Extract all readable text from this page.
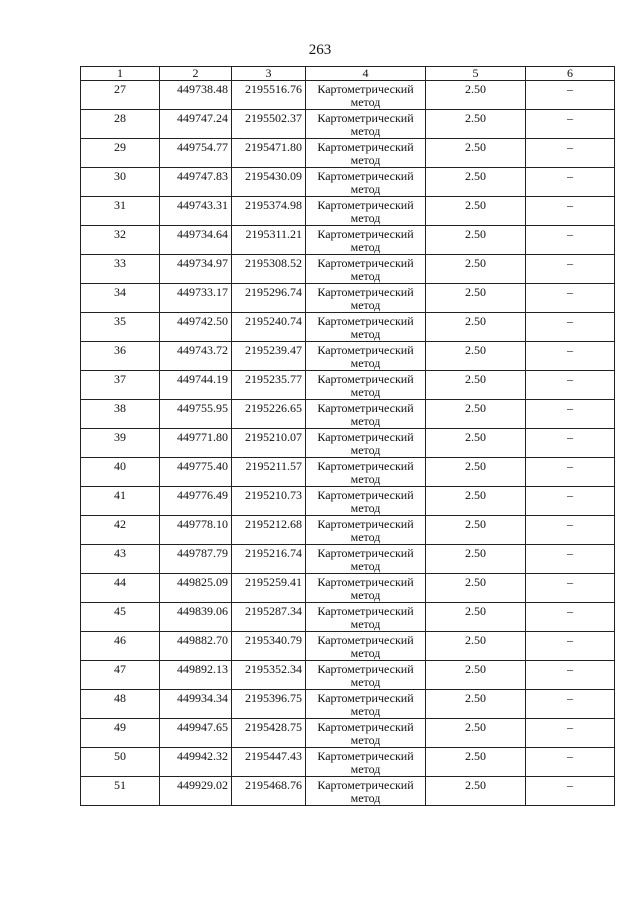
263
1	2	3	4	5	6
27	449738.48	2195516.76	Картометрический метод	2.50	–
28	449747.24	2195502.37	Картометрический метод	2.50	–
29	449754.77	2195471.80	Картометрический метод	2.50	–
30	449747.83	2195430.09	Картометрический метод	2.50	–
31	449743.31	2195374.98	Картометрический метод	2.50	–
32	449734.64	2195311.21	Картометрический метод	2.50	–
33	449734.97	2195308.52	Картометрический метод	2.50	–
34	449733.17	2195296.74	Картометрический метод	2.50	–
35	449742.50	2195240.74	Картометрический метод	2.50	–
36	449743.72	2195239.47	Картометрический метод	2.50	–
37	449744.19	2195235.77	Картометрический метод	2.50	–
38	449755.95	2195226.65	Картометрический метод	2.50	–
39	449771.80	2195210.07	Картометрический метод	2.50	–
40	449775.40	2195211.57	Картометрический метод	2.50	–
41	449776.49	2195210.73	Картометрический метод	2.50	–
42	449778.10	2195212.68	Картометрический метод	2.50	–
43	449787.79	2195216.74	Картометрический метод	2.50	–
44	449825.09	2195259.41	Картометрический метод	2.50	–
45	449839.06	2195287.34	Картометрический метод	2.50	–
46	449882.70	2195340.79	Картометрический метод	2.50	–
47	449892.13	2195352.34	Картометрический метод	2.50	–
48	449934.34	2195396.75	Картометрический метод	2.50	–
49	449947.65	2195428.75	Картометрический метод	2.50	–
50	449942.32	2195447.43	Картометрический метод	2.50	–
51	449929.02	2195468.76	Картометрический метод	2.50	–
